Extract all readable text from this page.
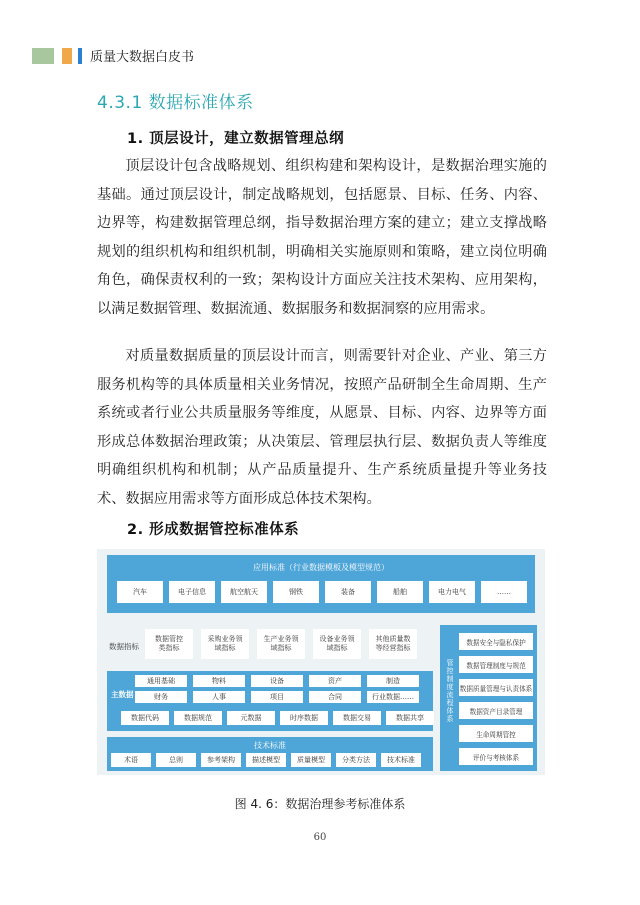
质量大数据白皮书
4.3.1 数据标准体系
1. 顶层设计，建立数据管理总纲

顶层设计包含战略规划、组织构建和架构设计，是数据治理实施的基础。通过顶层设计，制定战略规划，包括愿景、目标、任务、内容、边界等，构建数据管理总纲，指导数据治理方案的建立；建立支撑战略规划的组织机构和组织机制，明确相关实施原则和策略，建立岗位明确角色，确保责权利的一致；架构设计方面应关注技术架构、应用架构，以满足数据管理、数据流通、数据服务和数据洞察的应用需求。

对质量数据质量的顶层设计而言，则需要针对企业、产业、第三方服务机构等的具体质量相关业务情况，按照产品研制全生命周期、生产系统或者行业公共质量服务等维度，从愿景、目标、内容、边界等方面形成总体数据治理政策；从决策层、管理层执行层、数据负责人等维度明确组织机构和机制；从产品质量提升、生产系统质量提升等业务技术、数据应用需求等方面形成总体技术架构。

2. 形成数据管控标准体系
应用标准（行业数据模板及模型规范）
汽车	电子信息	航空航天	钢铁	装备	船舶	电力电气	……
数据指标
数据管控
类指标
采购业务领
域指标
生产业务领
域指标
设备业务领
域指标
其他质量数
等经营指标
主数据
通用基础	物料	设备	资产	制造
财务	人事	项目	合同	行业数据……
数据代码	数据规范	元数据	时序数据	数据交易	数据共享
技术标准
术语	总则	参考架构	描述模型	质量模型	分类方法	技术标准
管
控
制
度
流
程
体
系
数据安全与隐私保护
数据管理制度与规范
数据质量管理与认责体系
数据资产目录管理
生命周期管控
评价与考核体系
图 4. 6：数据治理参考标准体系
60
